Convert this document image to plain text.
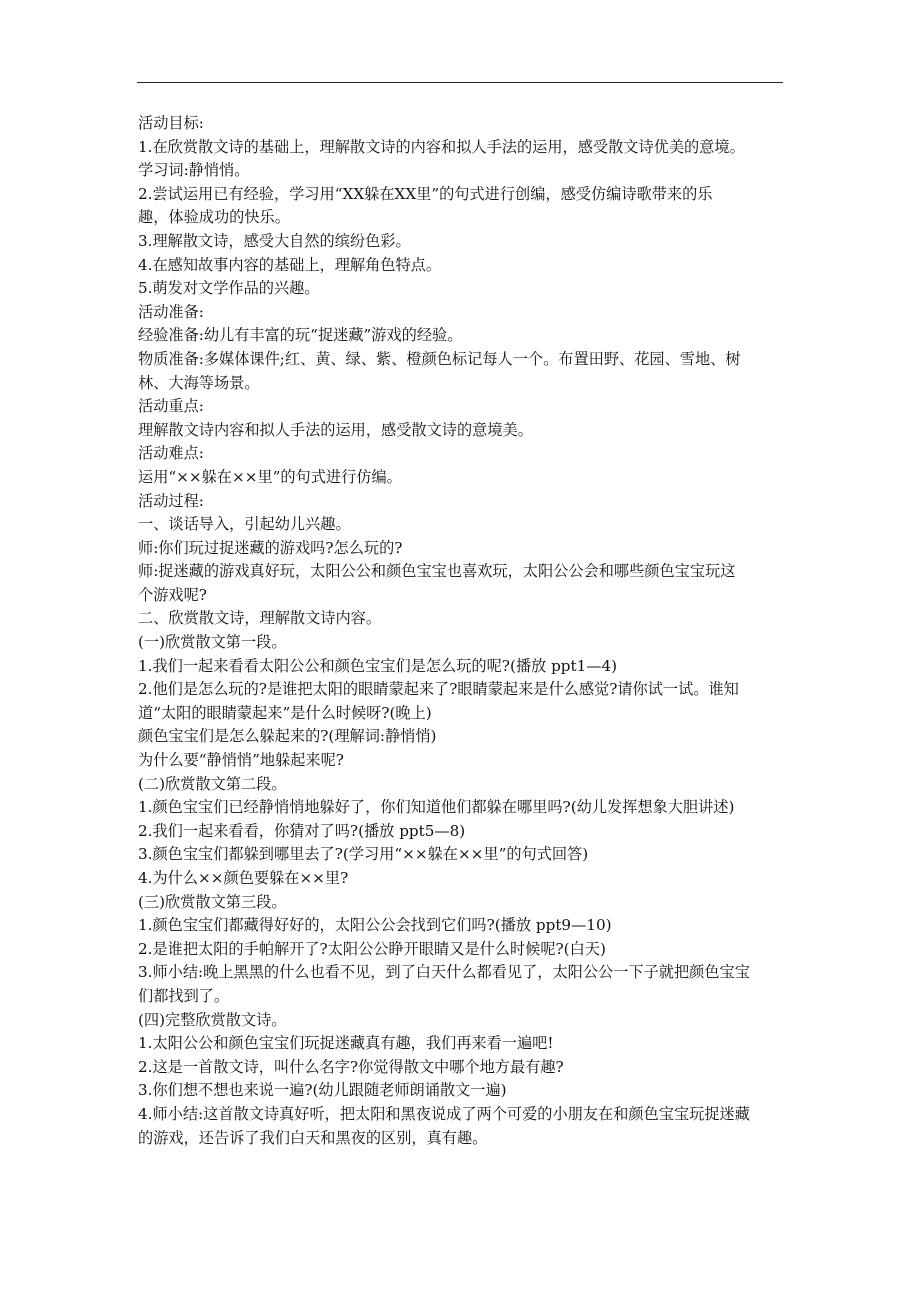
活动目标:
1.在欣赏散文诗的基础上，理解散文诗的内容和拟人手法的运用，感受散文诗优美的意境。
学习词:静悄悄。
2.尝试运用已有经验，学习用“XX躲在XX里”的句式进行创编，感受仿编诗歌带来的乐
趣，体验成功的快乐。
3.理解散文诗，感受大自然的缤纷色彩。
4.在感知故事内容的基础上，理解角色特点。
5.萌发对文学作品的兴趣。
活动准备:
经验准备:幼儿有丰富的玩“捉迷藏”游戏的经验。
物质准备:多媒体课件;红、黄、绿、紫、橙颜色标记每人一个。布置田野、花园、雪地、树
林、大海等场景。
活动重点:
理解散文诗内容和拟人手法的运用，感受散文诗的意境美。
活动难点:
运用“××躲在××里”的句式进行仿编。
活动过程:
一、谈话导入，引起幼儿兴趣。
师:你们玩过捉迷藏的游戏吗?怎么玩的?
师:捉迷藏的游戏真好玩，太阳公公和颜色宝宝也喜欢玩，太阳公公会和哪些颜色宝宝玩这
个游戏呢?
二、欣赏散文诗，理解散文诗内容。
(一)欣赏散文第一段。
1.我们一起来看看太阳公公和颜色宝宝们是怎么玩的呢?(播放 ppt1—4)
2.他们是怎么玩的?是谁把太阳的眼睛蒙起来了?眼睛蒙起来是什么感觉?请你试一试。谁知
道“太阳的眼睛蒙起来”是什么时候呀?(晚上)
颜色宝宝们是怎么躲起来的?(理解词:静悄悄)
为什么要“静悄悄”地躲起来呢?
(二)欣赏散文第二段。
1.颜色宝宝们已经静悄悄地躲好了，你们知道他们都躲在哪里吗?(幼儿发挥想象大胆讲述)
2.我们一起来看看，你猜对了吗?(播放 ppt5—8)
3.颜色宝宝们都躲到哪里去了?(学习用“××躲在××里”的句式回答)
4.为什么××颜色要躲在××里?
(三)欣赏散文第三段。
1.颜色宝宝们都藏得好好的，太阳公公会找到它们吗?(播放 ppt9—10)
2.是谁把太阳的手帕解开了?太阳公公睁开眼睛又是什么时候呢?(白天)
3.师小结:晚上黑黑的什么也看不见，到了白天什么都看见了，太阳公公一下子就把颜色宝宝
们都找到了。
(四)完整欣赏散文诗。
1.太阳公公和颜色宝宝们玩捉迷藏真有趣，我们再来看一遍吧!
2.这是一首散文诗，叫什么名字?你觉得散文中哪个地方最有趣?
3.你们想不想也来说一遍?(幼儿跟随老师朗诵散文一遍)
4.师小结:这首散文诗真好听，把太阳和黑夜说成了两个可爱的小朋友在和颜色宝宝玩捉迷藏
的游戏，还告诉了我们白天和黑夜的区别，真有趣。
